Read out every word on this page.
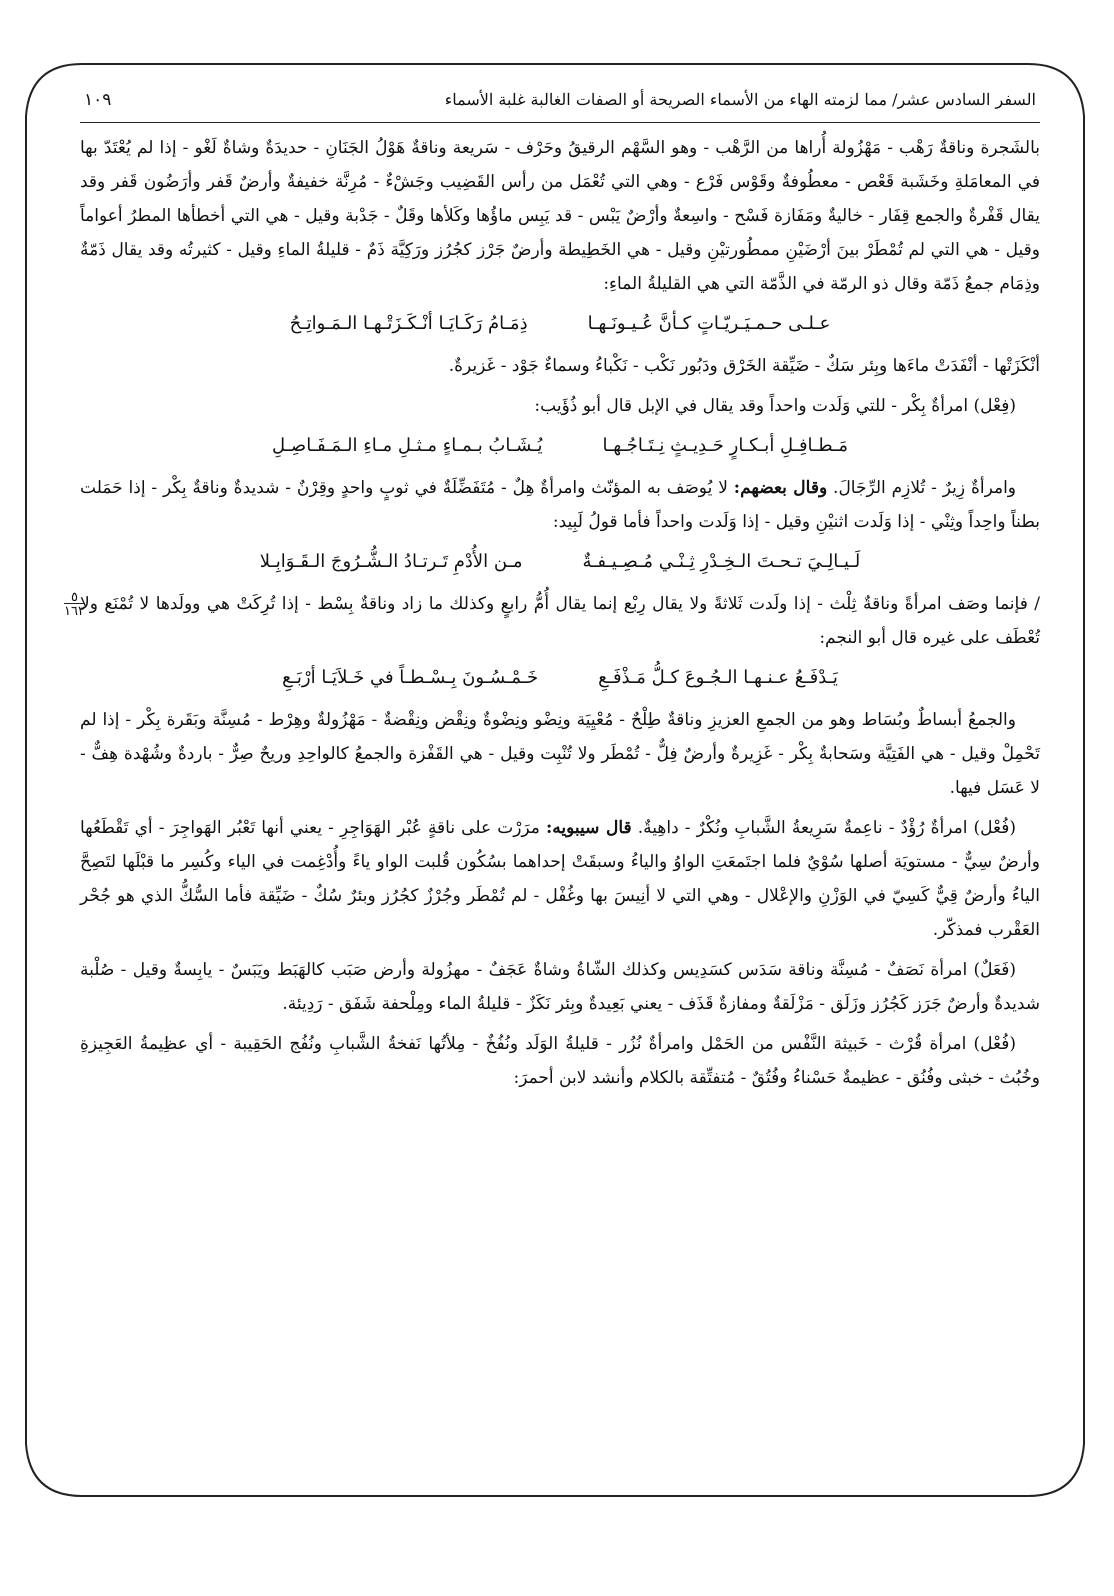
السفر السادس عشر/ مما لزمته الهاء من الأسماء الصريحة أو الصفات الغالبة غلبة الأسماء
١٠٩

بالشَجرة وناقةٌ رَهْب - مَهْزُولة أُراها من الرَّهْب - وهو السَّهْم الرقيقُ وحَرْف - سَريعة وناقةٌ هَوْلُ الجَنَانِ - حديدَةٌ وشاةٌ لَغْو - إذا لم يُعْتَدّ بها في المعامَلةِ وخَشَبة قَعْص - معطُوفةٌ وقَوْس فَرْع - وهي التي تُعْمَل من رأس القَضِيب وجَشْءٌ - مُرِنَّة خفيفةٌ وأرضٌ قَفر وأرَضُون قَفر وقد يقال قَفْرةٌ والجمع قِفَار - خاليةٌ ومَفَازة فَسْح - واسِعةٌ وأرْضٌ يَبْس - قد يَبِس ماؤُها وكَلأها وقَلٌ - جَدْبة وقيل - هي التي أخطأها المطرُ أعواماً وقيل - هي التي لم تُمْطَرْ بينَ أرْضَيْنِ ممطُورتيْنِ وقيل - هي الخَطِيطة وأرضٌ جَرْز كجُرُز ورَكِيَّة ذَمٌ - قليلةُ الماءِ وقيل - كثيرتُه وقد يقال ذَمّةٌ وذِمَام جمعُ ذَمّة وقال ذو الرمّة في الذَّمّة التي هي القليلةُ الماءِ:

عـلـى حـمـيَـريّـاتٍ كـأنَّ عُـيـونَـهـا
ذِمَـامُ رَكَـايَـا أنْـكَـزَتْـهـا الـمَـواتِـحُ

أنْكَزَتْها - أنْفَدَتْ ماءَها وبِئر سَكٌ - ضَيِّقة الخَرْق ودَبُور نَكْب - نَكْباءُ وسماءٌ جَوْد - غَزيرةٌ.

(فِعْل) امرأةٌ بِكْر - للتي وَلَدت واحداً وقد يقال في الإبل قال أبو ذُؤَيب:

مَـطـافِـلِ أبـكـارٍ حَـدِيـثٍ نِـتَـاجُـهـا
يُـشَـابُ بـمـاءٍ مـثـلِ مـاءِ الـمَـفَـاصِـلِ

وامرأةٌ زِيرٌ - تُلازِم الرِّجَالَ. وقال بعضهم: لا يُوصَف به المؤنّث وامرأةٌ هِلٌ - مُتَفَضِّلَةٌ في ثوبٍ واحدٍ وقِرْنٌ - شديدةٌ وناقةٌ بِكْر - إذا حَمَلت بطناً واحِداً وثِنْي - إذا وَلَدت اثنيْنِ وقيل - إذا وَلَدت واحداً فأما قولُ لَبِيد:

لَـيـالِـيَ تـحـتَ الـخِـدْرِ ثِـنْـي مُـصِـيـفـةٌ
مـن الأُدْمِ تَـرتـادُ الـشُّـرُوجَ الـقَـوَابِـلا

٥
١٦٢
/ فإنما وصَف امرأةً وناقةٌ ثِلْث - إذا ولَدت ثَلاثةً ولا يقال رِبْع إنما يقال أُمُّ رابعٍ وكذلك ما زاد وناقةٌ بِسْط - إذا تُرِكَتْ هي وولَدها لا تُمْنَع ولا تُعْطَف على غيره قال أبو النجم:

يَـدْفَـعُ عـنـهـا الـجُـوعَ كـلُّ مَـذْفَـعِ
خَـمْـسُـونَ بِـسْـطـاً في خَـلاَيَـا أرْبَـعِ

والجمعُ أبساطٌ وبُسَاط وهو من الجمعِ العزيزِ وناقةٌ طِلْحٌ - مُعْيِيَة ونِضْو ونِضْوةٌ ونِقْض ونِقْضةٌ - مَهْزُولةٌ وهِرْط - مُسِنَّة وبَقَرة بِكْر - إذا لم تَحْمِلْ وقيل - هي الفَتِيَّة وسَحابةٌ بِكْر - غَزِيرةٌ وأرضٌ فِلٌّ - تُمْطَر ولا تُنْبِت وقيل - هي القَفْزة والجمعُ كالواحِدِ وريحٌ صِرٌّ - باردةٌ وشُهْدة هِفٌّ - لا عَسَل فيها.

(فُعْل) امرأةٌ رُؤْدٌ - ناعِمةٌ سَرِيعةُ الشَّبابِ ونُكْرٌ - داهِيةٌ. قال سيبويه: مرَرْت على ناقةٍ عُبْر الهَوَاجِرِ - يعني أنها تَعْبُر الهَواجِرَ - أي تَقْطَعُها وأرضٌ سِيٌّ - مستويَة أصلها سُوْيٌ فلما اجتَمعَتِ الواوُ والياءُ وسبقَتْ إحداهما بسُكُون قُلبت الواو ياءً وأُدْغِمت في الياء وكُسِر ما قبْلَها لتَصِحَّ الياءُ وأرضٌ قِيٌّ كَسِيّ في الوَزْنِ والإعْلال - وهي التي لا أنِيسَ بها وغُفْل - لم تُمْطَر وجُرْزٌ كجُرُز وبئرٌ سُكٌ - ضَيِّقة فأما السُّكُّ الذي هو جُحْر العَقْرب فمذكّر.

(فَعَلٌ) امرأة نَصَفٌ - مُسِنَّة وناقة سَدَس كسَدِيس وكذلك الشّاةُ وشاةٌ عَجَفٌ - مهزُولة وأرض صَبَب كالهَبَط ويَبَسٌ - يابِسةٌ وقيل - صُلْبة شديدةٌ وأرضٌ جَرَز كَجُرُز وزَلَق - مَزْلَقةٌ ومفازةٌ قَذَف - يعني بَعِيدةٌ وبِئر نَكَزٌ - قليلةُ الماء ومِلْحفة شَفَق - رَدِيئة.

(فُعْل) امرأة قُرْث - خَبيثة النَّفْس من الحَمْل وامرأةٌ نُزُر - قليلةُ الوَلَد ونُفُخٌ - مِلأتُها نَفخةُ الشَّبابِ ونُفُج الحَقِيبة - أي عظِيمةُ العَجِيزةِ وخُبُث - خبثى وفُنُق - عظيمةٌ حَسْناءُ وفُتُقٌ - مُتفتِّقة بالكلام وأنشد لابن أحمرَ:
